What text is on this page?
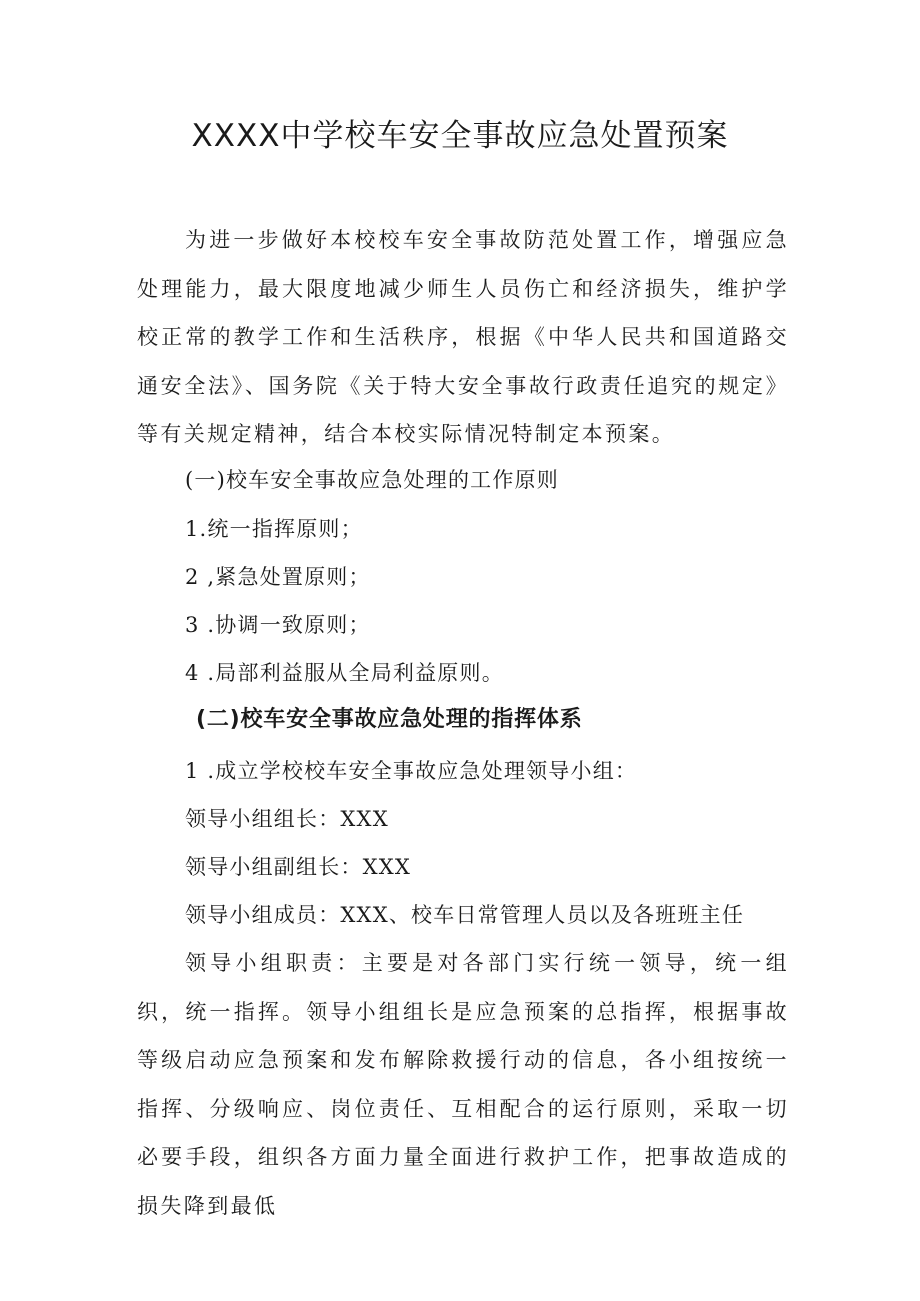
XXXX中学校车安全事故应急处置预案

为进一步做好本校校车安全事故防范处置工作，增强应急处理能力，最大限度地减少师生人员伤亡和经济损失，维护学校正常的教学工作和生活秩序，根据《中华人民共和国道路交通安全法》、国务院《关于特大安全事故行政责任追究的规定》等有关规定精神，结合本校实际情况特制定本预案。

(一)校车安全事故应急处理的工作原则

1.统一指挥原则；

2 ,紧急处置原则；

3 .协调一致原则；

4 .局部利益服从全局利益原则。

(二)校车安全事故应急处理的指挥体系

1 .成立学校校车安全事故应急处理领导小组：

领导小组组长：XXX

领导小组副组长：XXX

领导小组成员：XXX、校车日常管理人员以及各班班主任

领导小组职责：主要是对各部门实行统一领导，统一组织，统一指挥。领导小组组长是应急预案的总指挥，根据事故等级启动应急预案和发布解除救援行动的信息，各小组按统一指挥、分级响应、岗位责任、互相配合的运行原则，采取一切必要手段，组织各方面力量全面进行救护工作，把事故造成的损失降到最低
